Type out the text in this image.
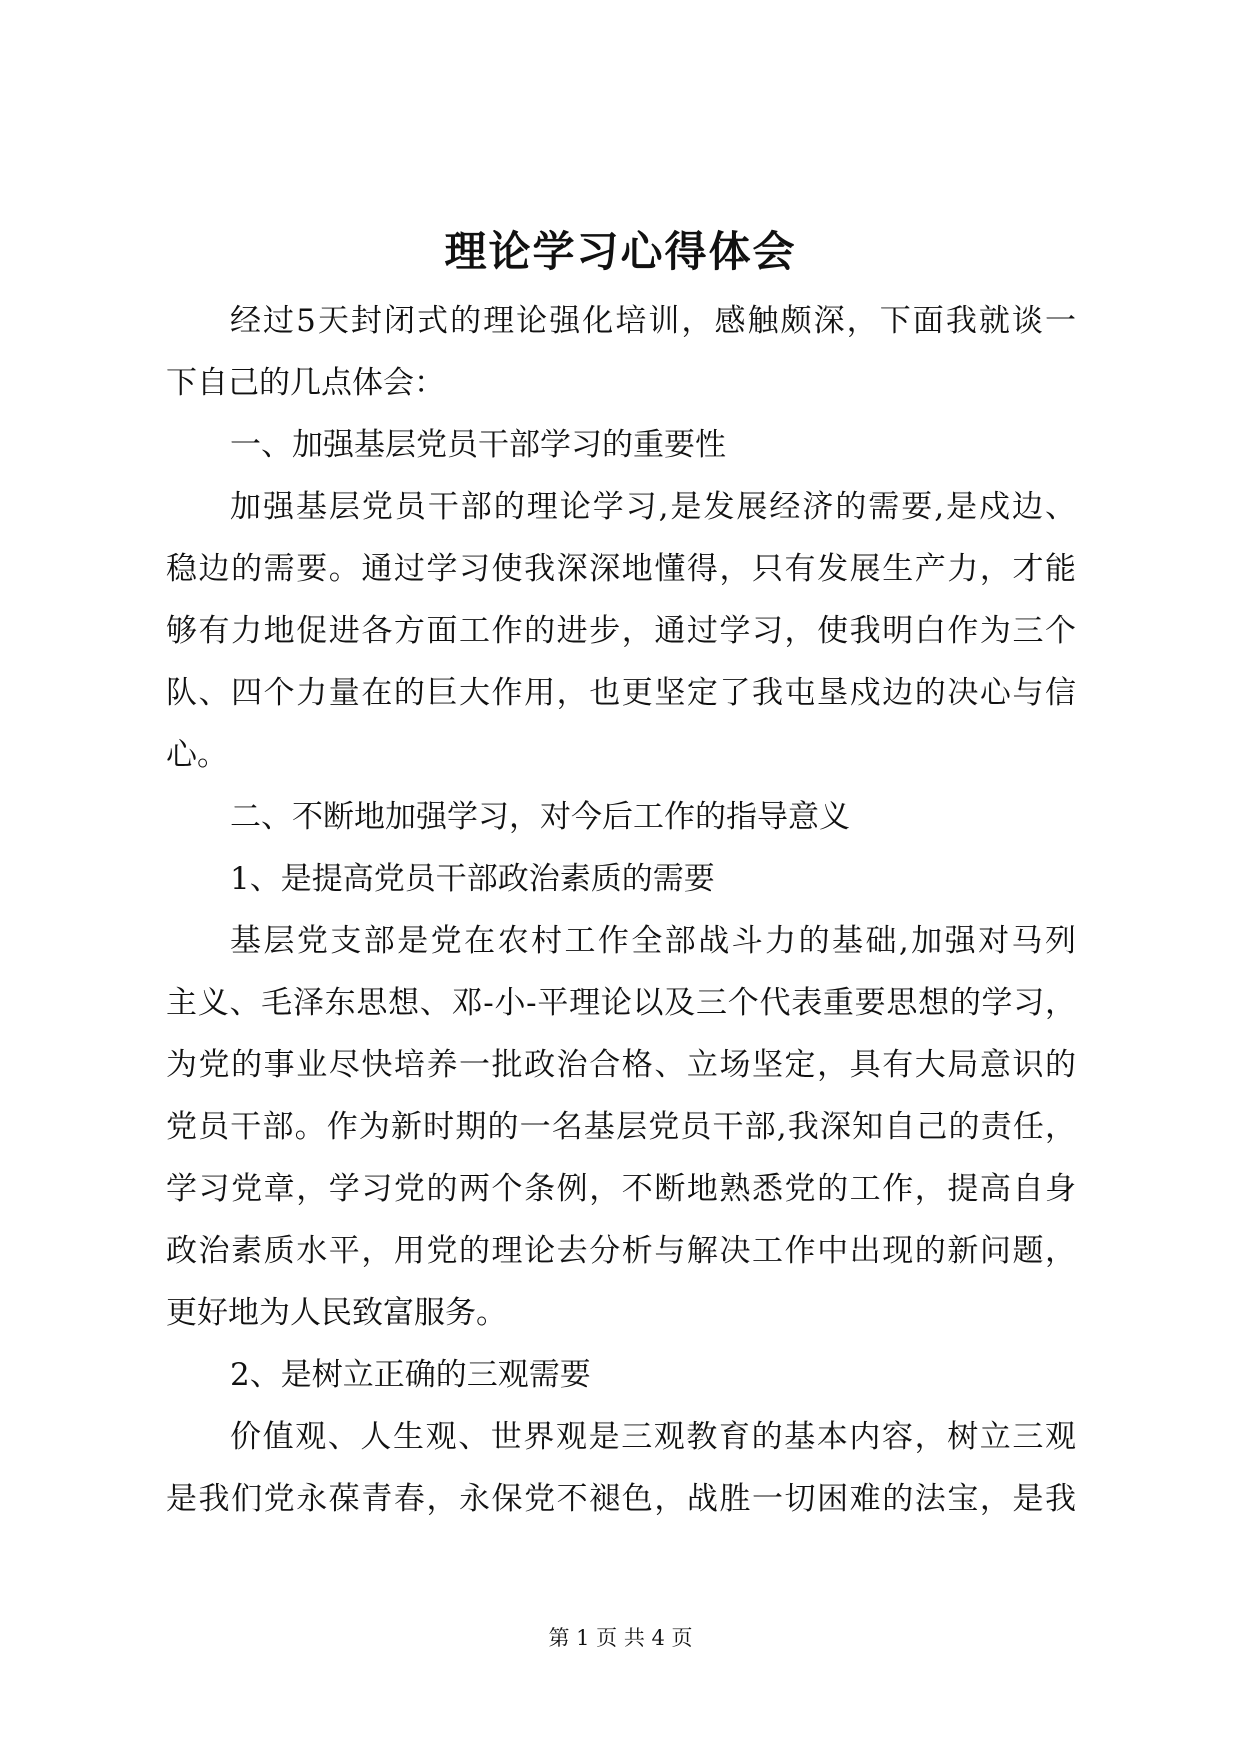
理论学习心得体会
经过5天封闭式的理论强化培训，感触颇深，下面我就谈一
下自己的几点体会：
一、加强基层党员干部学习的重要性
加强基层党员干部的理论学习,是发展经济的需要,是戍边、
稳边的需要。通过学习使我深深地懂得，只有发展生产力，才能
够有力地促进各方面工作的进步，通过学习，使我明白作为三个
队、四个力量在的巨大作用，也更坚定了我屯垦戍边的决心与信
心。
二、不断地加强学习，对今后工作的指导意义
1、是提高党员干部政治素质的需要
基层党支部是党在农村工作全部战斗力的基础,加强对马列
主义、毛泽东思想、邓-小-平理论以及三个代表重要思想的学习，
为党的事业尽快培养一批政治合格、立场坚定，具有大局意识的
党员干部。作为新时期的一名基层党员干部,我深知自己的责任，
学习党章，学习党的两个条例，不断地熟悉党的工作，提高自身
政治素质水平，用党的理论去分析与解决工作中出现的新问题，
更好地为人民致富服务。
2、是树立正确的三观需要
价值观、人生观、世界观是三观教育的基本内容，树立三观
是我们党永葆青春，永保党不褪色，战胜一切困难的法宝，是我
第 1 页 共 4 页
